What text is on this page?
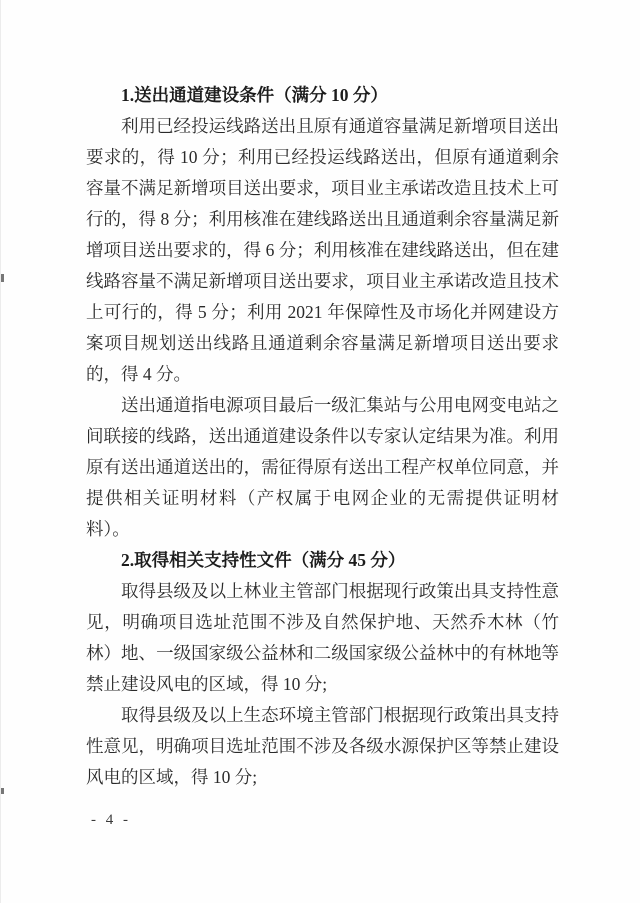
1.送出通道建设条件（满分 10 分）

利用已经投运线路送出且原有通道容量满足新增项目送出要求的，得 10 分；利用已经投运线路送出，但原有通道剩余容量不满足新增项目送出要求，项目业主承诺改造且技术上可行的，得 8 分；利用核准在建线路送出且通道剩余容量满足新增项目送出要求的，得 6 分；利用核准在建线路送出，但在建线路容量不满足新增项目送出要求，项目业主承诺改造且技术上可行的，得 5 分；利用 2021 年保障性及市场化并网建设方案项目规划送出线路且通道剩余容量满足新增项目送出要求的，得 4 分。

送出通道指电源项目最后一级汇集站与公用电网变电站之间联接的线路，送出通道建设条件以专家认定结果为准。利用原有送出通道送出的，需征得原有送出工程产权单位同意，并提供相关证明材料（产权属于电网企业的无需提供证明材料）。

2.取得相关支持性文件（满分 45 分）

取得县级及以上林业主管部门根据现行政策出具支持性意见，明确项目选址范围不涉及自然保护地、天然乔木林（竹林）地、一级国家级公益林和二级国家级公益林中的有林地等禁止建设风电的区域，得 10 分;

取得县级及以上生态环境主管部门根据现行政策出具支持性意见，明确项目选址范围不涉及各级水源保护区等禁止建设风电的区域，得 10 分;

- 4 -
